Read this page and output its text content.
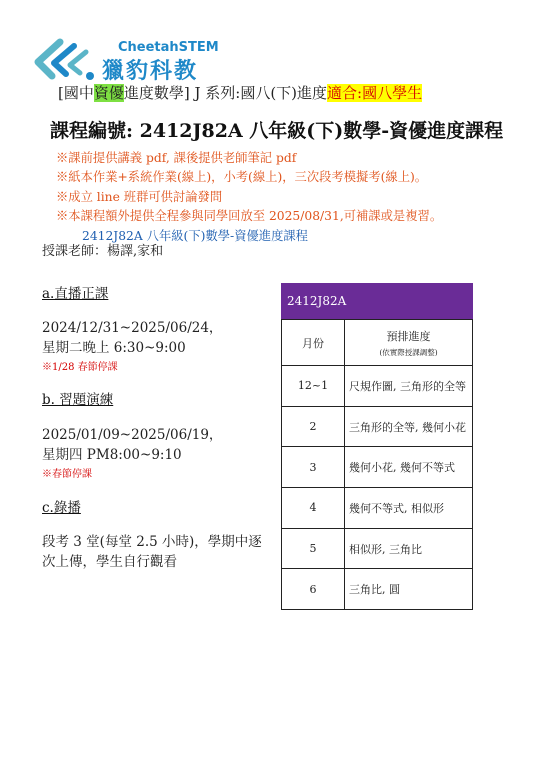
CheetahSTEM
獵豹科教
[國中資優進度數學] J 系列:國八(下)進度適合:國八學生
課程編號: 2412J82A 八年級(下)數學-資優進度課程
※課前提供講義 pdf, 課後提供老師筆記 pdf
※紙本作業+系統作業(線上)，小考(線上)，三次段考模擬考(線上)。
※成立 line 班群可供討論發問
※本課程額外提供全程參與同學回放至 2025/08/31,可補課或是複習。
2412J82A 八年級(下)數學-資優進度課程
授課老師：楊譯,家和
a.直播正課
2024/12/31~2025/06/24，
星期二晚上 6:30~9:00
※1/28 春節停課
b. 習題演練
2025/01/09~2025/06/19，
星期四 PM8:00~9:10
※春節停課
c.錄播
段考 3 堂(每堂 2.5 小時)，學期中逐
次上傳，學生自行觀看
2412J82A
月份	預排進度
(依實際授課調整)

12~1	尺規作圖, 三角形的全等
2	三角形的全等, 幾何小花
3	幾何小花, 幾何不等式
4	幾何不等式, 相似形
5	相似形, 三角比
6	三角比, 圓
